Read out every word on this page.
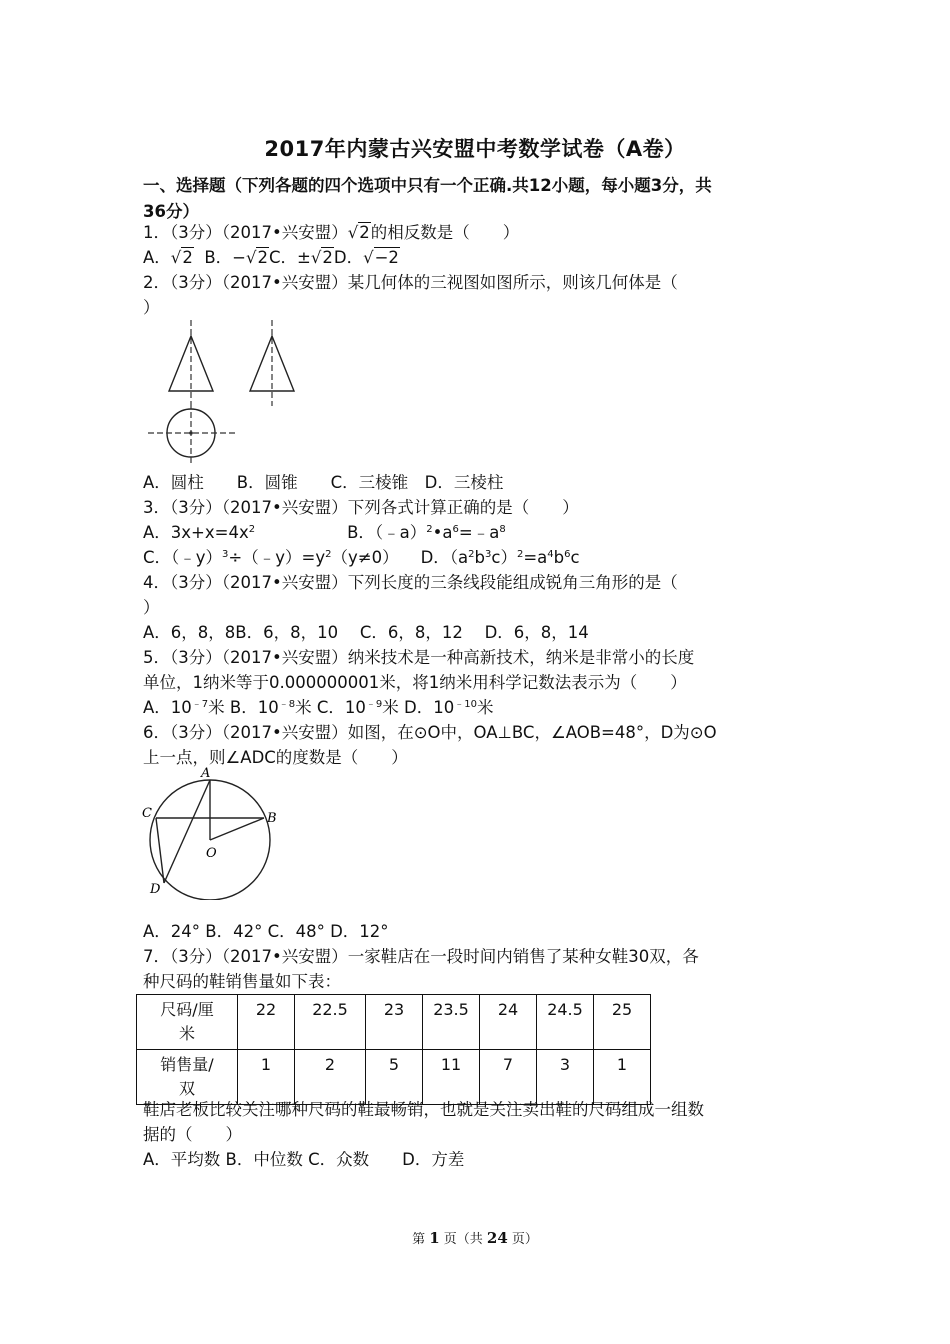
2017年内蒙古兴安盟中考数学试卷（A卷）
一、选择题（下列各题的四个选项中只有一个正确.共12小题，每小题3分，共
36分）
1．（3分）（2017•兴安盟）√2的相反数是（　　）
A．√2 B．−√2C．±√2D．√−2
2．（3分）（2017•兴安盟）某几何体的三视图如图所示，则该几何体是（
）
A．圆柱　　B．圆锥　　C．三棱锥　D．三棱柱
3．（3分）（2017•兴安盟）下列各式计算正确的是（　　）
A．$3x+x=4x^2$	B．$(﹣a)^2•a^6=﹣a^8$
C．$(﹣y)^3\div(﹣y)=y^2(y\ne 0)$ D．$(a^2b^3c)^2=a^4b^6c$
4．（3分）（2017•兴安盟）下列长度的三条线段能组成锐角三角形的是（
）
A．6，8，8B．6，8，10　 C．6，8，12　 D．6，8，14
5．（3分）（2017•兴安盟）纳米技术是一种高新技术，纳米是非常小的长度
单位，1纳米等于0.000000001米，将1纳米用科学记数法表示为（　　）
A．$10^{﹣7}$米 B．$10^{﹣8}$米 C．$10^{﹣9}$米 D．$10^{﹣10}$米
6．（3分）（2017•兴安盟）如图，在⊙O中，OA⊥BC，∠AOB=48°，D为⊙O
上一点，则∠ADC的度数是（　　）
A
B
C
D
O
A．24° B．42° C．48° D．12°
7．（3分）（2017•兴安盟）一家鞋店在一段时间内销售了某种女鞋30双，各
种尺码的鞋销售量如下表：
尺码/厘
米	22	22.5	23	23.5	24	24.5	25

销售量/
双	1	2	5	11	7	3	1
鞋店老板比较关注哪种尺码的鞋最畅销，也就是关注卖出鞋的尺码组成一组数
据的（　　）
A．平均数 B．中位数 C．众数　　D．方差
第 1 页（共 24 页）
